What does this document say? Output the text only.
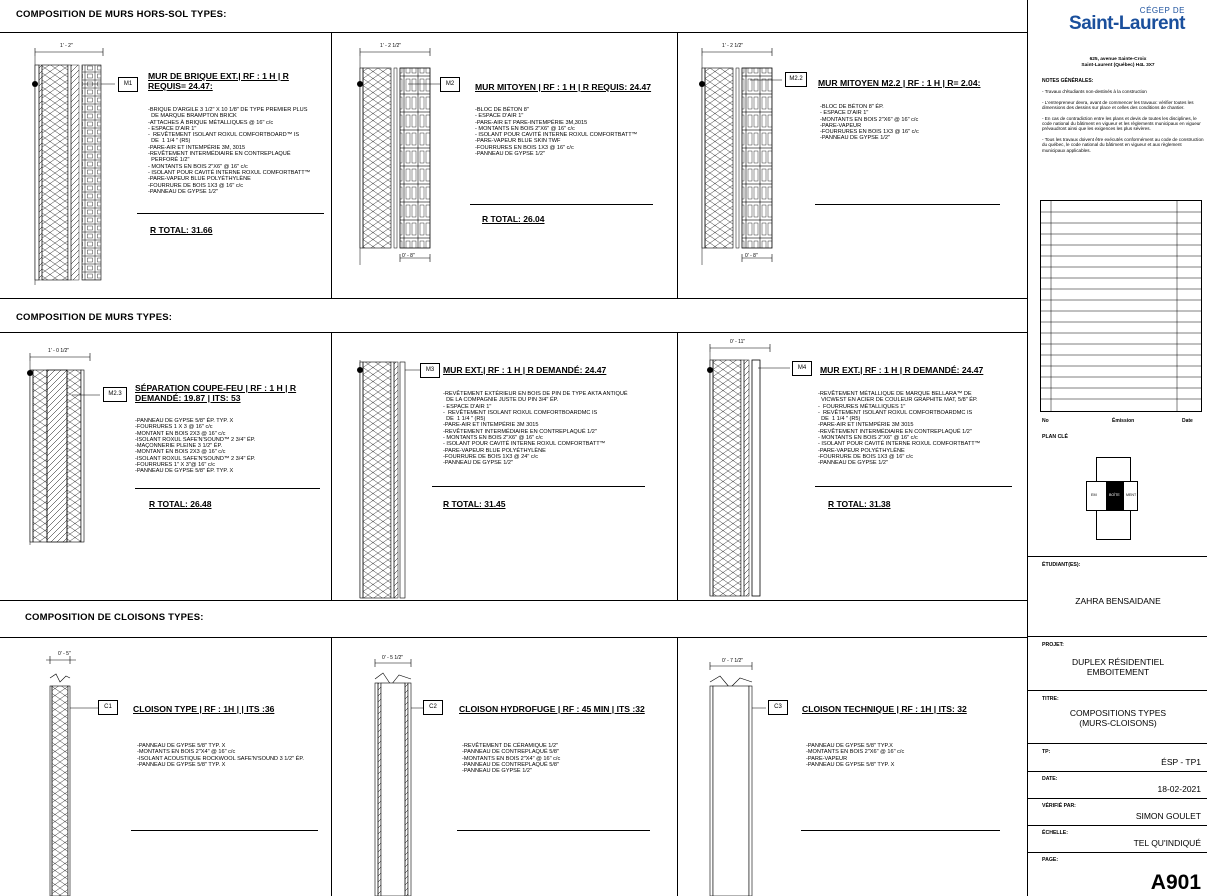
COMPOSITION DE MURS HORS-SOL TYPES:
COMPOSITION DE MURS TYPES:
COMPOSITION DE CLOISONS TYPES:
1' - 2"
M1
MUR DE BRIQUE EXT.| RF : 1 H | R REQUIS= 24.47:
-BRIQUE D'ARGILE 3 1/2" X 10 1/8" DE TYPE PREMIER PLUS
DE MARQUE BRAMPTON BRICK
-ATTACHES À BRIQUE MÉTALLIQUES @ 16" c/c
- ESPACE D'AIR 1"
-  REVÊTEMENT ISOLANT ROXUL COMFORTBOARD™ IS
DE  1 1/4 " (R5)
-PARE-AIR ET INTEMPÉRIE 3M, 3015
-REVÊTEMENT INTERMÉDIAIRE EN CONTREPLAQUÉ
PERFORÉ 1/2"
- MONTANTS EN BOIS 2"X6" @ 16" c/c
- ISOLANT POUR CAVITÉ INTERNE ROXUL COMFORTBATT™
-PARE-VAPEUR BLUE POLYÉTHYLÈNE
-FOURRURE DE BOIS 1X3 @ 16" c/c
-PANNEAU DE GYPSE 1/2"
R TOTAL: 31.66
1' - 2 1/2"
0' - 8"
M2	MUR MITOYEN | RF : 1 H | R REQUIS: 24.47
-BLOC DE BÉTON 8"
- ESPACE D'AIR 1"
-PARE-AIR ET PARE-INTEMPÉRIE 3M,3015
- MONTANTS EN BOIS 2"X6" @ 16" c/c
- ISOLANT POUR CAVITÉ INTERNE ROXUL COMFORTBATT™
-PARE-VAPEUR BLUE SKIN TWF
-FOURRURES EN BOIS 1X3 @ 16" c/c
-PANNEAU DE GYPSE 1/2"
R TOTAL: 26.04
1' - 2 1/2"
0' - 8"
M2.2	MUR MITOYEN M2.2 | RF : 1 H | R= 2.04:
-BLOC DE BÉTON 8" ÉP.
- ESPACE D'AIR 1"
-MONTANTS EN BOIS 2"X6" @ 16" c/c
-PARE-VAPEUR
-FOURRURES EN BOIS 1X3 @ 16" c/c
-PANNEAU DE GYPSE 1/2"
1' - 0 1/2"
M2.3
SÉPARATION COUPE-FEU | RF : 1 H | R DEMANDÉ: 19.87 | ITS: 53
-PANNEAU DE GYPSE 5/8" ÉP. TYP. X
-FOURRURES 1 X 3 @ 16" c/c
-MONTANT EN BOIS 2X3 @ 16" c/c
-ISOLANT ROXUL SAFE'N'SOUND™ 2 3/4" ÉP.
-MAÇONNERIE PLEINE 3 1/2" ÉP.
-MONTANT EN BOIS 2X3 @ 16" c/c
-ISOLANT ROXUL SAFE'N'SOUND™ 2 3/4" ÉP.
-FOURRURES 1" X 3"@ 16" c/c
-PANNEAU DE GYPSE 5/8" ÉP. TYP. X
R TOTAL: 26.48
M3	MUR EXT.| RF : 1 H | R DEMANDÉ: 24.47
-REVÊTEMENT EXTÉRIEUR EN BOIS DE PIN DE TYPE AKTA ANTIQUÉ
DE LA COMPAGNIE JUSTE DU PIN 3/4" ÉP.
- ESPACE D'AIR 1"
-  REVÊTEMENT ISOLANT ROXUL COMFORTBOARDMC IS
DE  1 1/4 " (R5)
-PARE-AIR ET INTEMPÉRIE 3M 3015
-REVÊTEMENT INTERMÉDIAIRE EN CONTREPLAQUÉ 1/2"
- MONTANTS EN BOIS 2"X6" @ 16" c/c
- ISOLANT POUR CAVITÉ INTERNE ROXUL COMFORTBATT™
-PARE-VAPEUR BLUE POLYÉTHYLÈNE
-FOURRURE DE BOIS 1X3 @ 24" c/c
-PANNEAU DE GYPSE 1/2"
R TOTAL: 31.45
0' - 11"
M4	MUR EXT.| RF : 1 H | R DEMANDÉ: 24.47
-REVÊTEMENT MÉTALLIQUE DE MARQUE BELLARA™ DE
VICWEST EN ACIER DE COULEUR GRAPHITE MAT, 5/8" ÉP.
-  FOURRURES MÉTALLIQUES 1"
-  REVÊTEMENT ISOLANT ROXUL COMFORTBOARDMC IS
DE  1 1/4 " (R5)
-PARE-AIR ET INTEMPÉRIE 3M 3015
-REVÊTEMENT INTERMÉDIAIRE EN CONTREPLAQUÉ 1/2"
- MONTANTS EN BOIS 2"X6" @ 16" c/c
- ISOLANT POUR CAVITÉ INTERNE ROXUL COMFORTBATT™
-PARE-VAPEUR POLYÉTHYLÈNE
-FOURRURE DE BOIS 1X3 @ 16" c/c
-PANNEAU DE GYPSE 1/2"
R TOTAL: 31.38
0' - 5"
C1	CLOISON TYPE | RF : 1H | | ITS :36
-PANNEAU DE GYPSE 5/8" TYP. X
-MONTANTS EN BOIS 2"X4" @ 16" c/c
-ISOLANT ACOUSTIQUE ROCKWOOL SAFE'N'SOUND 3 1/2" ÉP.
-PANNEAU DE GYPSE 5/8" TYP. X
0' - 5 1/2"
C2	CLOISON HYDROFUGE | RF : 45 MIN | ITS :32
-REVÊTEMENT DE CÉRAMIQUE 1/2"
-PANNEAU DE CONTREPLAQUÉ 5/8"
-MONTANTS EN BOIS 2"X4" @ 16" c/c
-PANNEAU DE CONTREPLAQUÉ 5/8"
-PANNEAU DE GYPSE 1/2"
0' - 7 1/2"
C3	CLOISON TECHNIQUE | RF : 1H | ITS: 32
-PANNEAU DE GYPSE 5/8" TYP.X
-MONTANTS EN BOIS 2"X6" @ 16" c/c
-PARE-VAPEUR
-PANNEAU DE GYPSE 5/8" TYP. X
CÉGEP DE
Saint-Laurent
625, avenue Sainte-Croix
Saint-Laurent (Québec) H4L 3X7
NOTES GÉNÉRALES:

- Travaux d'étudiants non-destinés à la construction

- L'entrepreneur devra, avant de commencer les travaux: vérifier toutes les dimensions des dessins sur place et celles des conditions de chantier.

- En cas de contradiction entre les plans et devis de toutes les disciplines, le code national du bâtiment en vigueur et les règlements municipaux en vigueur prévaudront ainsi que les exigences les plus sévères.

- Tous les travaux doivent être exécutés conformément au code de construction du québec, le code national du bâtiment en vigueur et aux règlement municipaux applicables.

No	Émission	Date
PLAN CLÉ
EM	BOÎTE MENT
ÉTUDIANT(ES):
ZAHRA BENSAIDANE
PROJET:
DUPLEX RÉSIDENTIEL
EMBOITEMENT
TITRE:
COMPOSITIONS TYPES
(MURS-CLOISONS)
TP:
ÉSP - TP1
DATE:
18-02-2021
VÉRIFIÉ PAR:
SIMON GOULET
ÉCHELLE:
TEL QU'INDIQUÉ
PAGE:
A901
